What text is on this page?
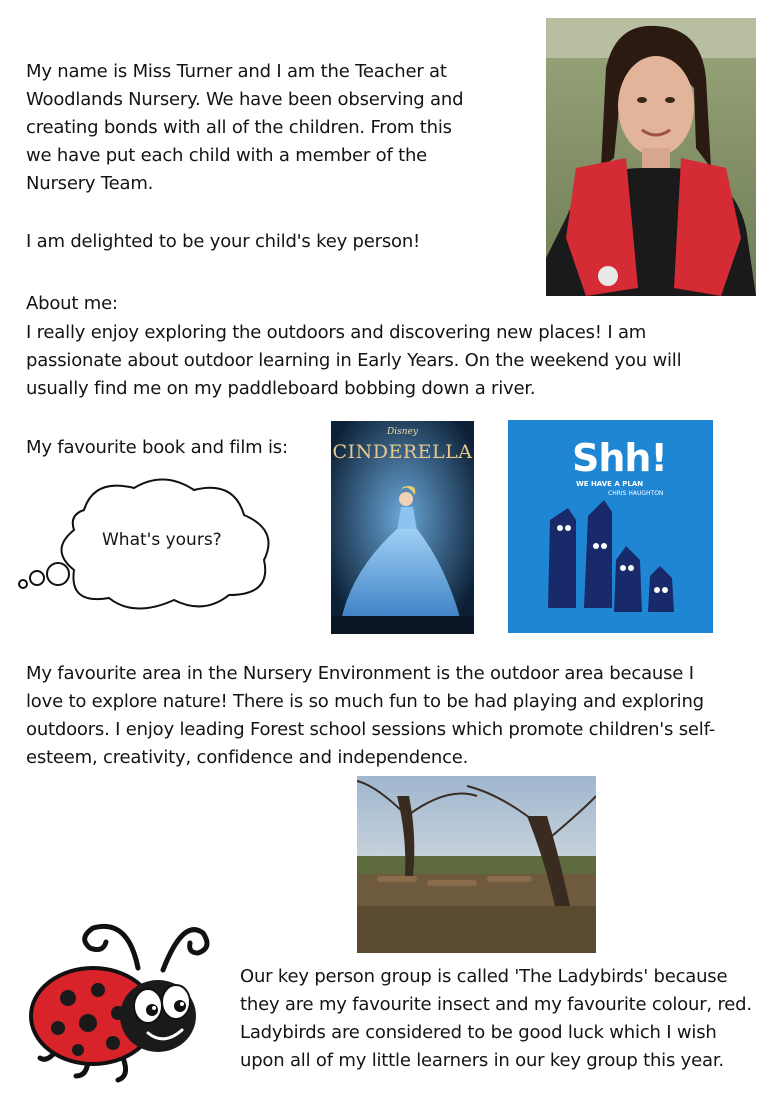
My name is Miss Turner and I am the Teacher at Woodlands Nursery. We have been observing and creating bonds with all of the children. From this we have put each child with a member of the Nursery Team.
I am delighted to be your child's key person!
About me:
I really enjoy exploring the outdoors and discovering new places! I am passionate about outdoor learning in Early Years. On the weekend you will usually find me on my paddleboard bobbing down a river.
My favourite book and film is:
What's yours?
Disney
CINDERELLA	Shh!
WE HAVE A PLAN
CHRIS HAUGHTON
My favourite area in the Nursery Environment is the outdoor area because I love to explore nature! There is so much fun to be had playing and exploring outdoors. I enjoy leading Forest school sessions which promote children's self-esteem, creativity, confidence and independence.
Our key person group is called 'The Ladybirds' because they are my favourite insect and my favourite colour, red. Ladybirds are considered to be good luck which I wish upon all of my little learners in our key group this year.
